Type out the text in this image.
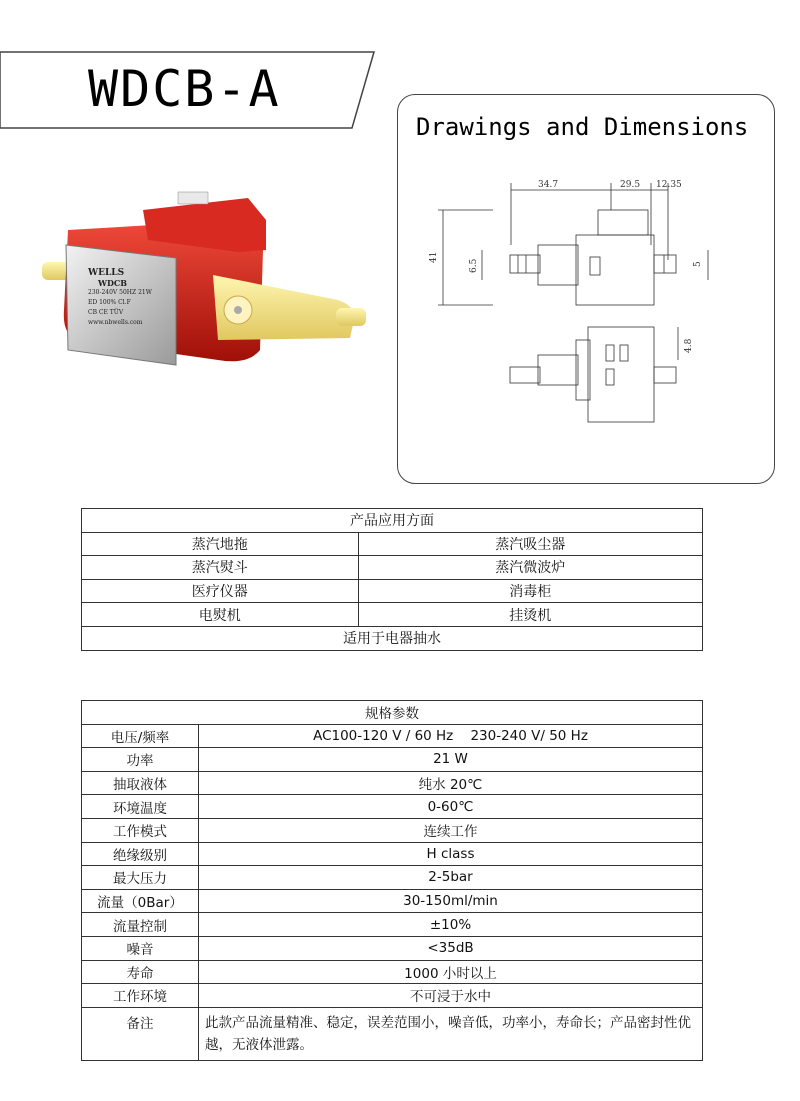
WDCB-A
WELLS
WDCB
230-240V 50HZ 21W
ED 100% Cl.F
CB CE TÜV
www.nbwells.com
Drawings and Dimensions
34.7	29.5 12.35
41
6.5	5
4.8
产品应用方面	
蒸汽地拖	蒸汽吸尘器
蒸汽熨斗	蒸汽微波炉
医疗仪器	消毒柜
电熨机	挂烫机
适用于电器抽水	
规格参数	
电压/频率	AC100-120 V / 60 Hz    230-240 V/ 50 Hz
功率	21 W
抽取液体	纯水 20℃
环境温度	0-60℃
工作模式	连续工作
绝缘级别	H class
最大压力	2-5bar
流量（0Bar）	30-150ml/min
流量控制	±10%
噪音	<35dB
寿命	1000 小时以上
工作环境	不可浸于水中
备注	此款产品流量精准、稳定，误差范围小，噪音低，功率小，寿命长；产品密封性优越，无液体泄露。
